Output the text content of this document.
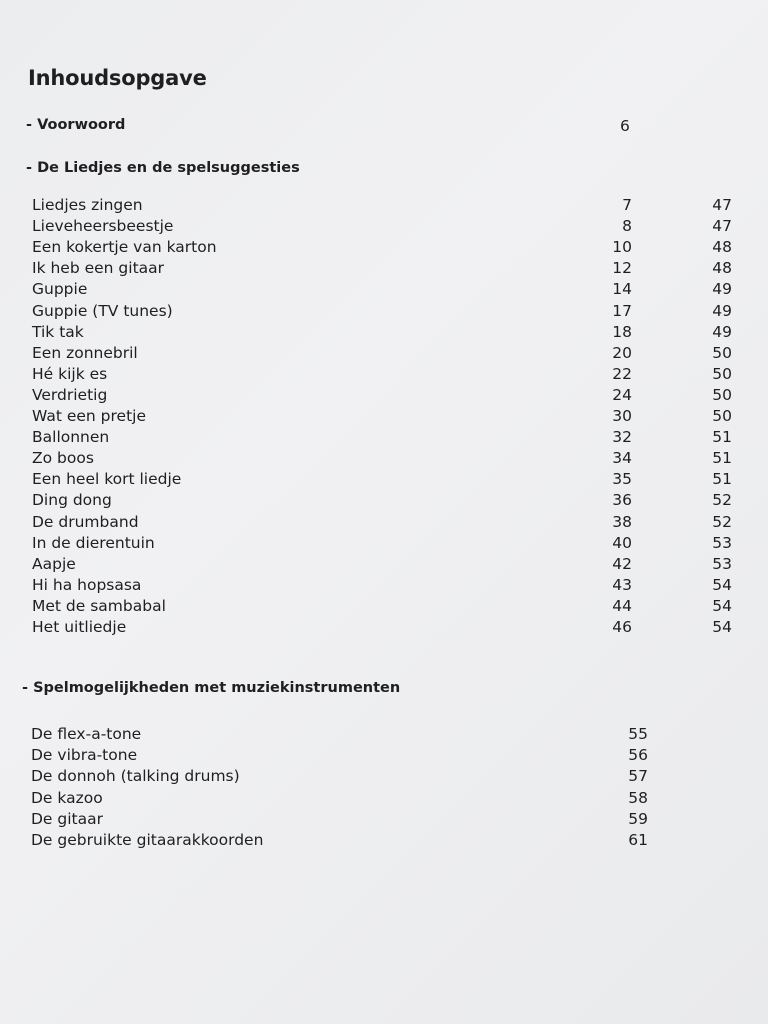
Inhoudsopgave
- Voorwoord	6
- De Liedjes en de spelsuggesties
Liedjes zingen	7	47
Lieveheersbeestje	8	47
Een kokertje van karton	10	48
Ik heb een gitaar	12	48
Guppie	14	49
Guppie (TV tunes)	17	49
Tik tak	18	49
Een zonnebril	20	50
Hé kijk es	22	50
Verdrietig	24	50
Wat een pretje	30	50
Ballonnen	32	51
Zo boos	34	51
Een heel kort liedje	35	51
Ding dong	36	52
De drumband	38	52
In de dierentuin	40	53
Aapje	42	53
Hi ha hopsasa	43	54
Met de sambabal	44	54
Het uitliedje	46	54
- Spelmogelijkheden met muziekinstrumenten
De flex-a-tone	55
De vibra-tone	56
De donnoh (talking drums)	57
De kazoo	58
De gitaar	59
De gebruikte gitaarakkoorden	61
